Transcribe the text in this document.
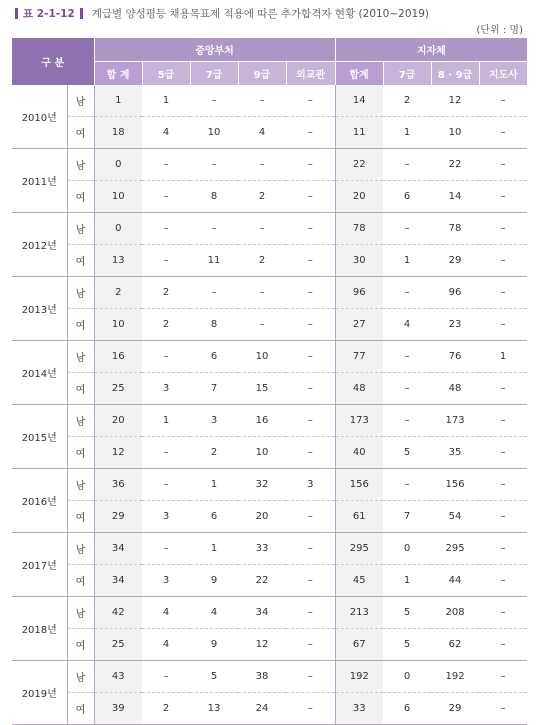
표 2-1-12 계급별 양성평등 채용목표제 적용에 따른 추가합격자 현황 (2010~2019)
(단위 : 명)
구 분		중앙부처					지자체			
		합 계	5급	7급	9급	외교관	합계	7급	8 · 9급	지도사
2010년	남	1	1	–	–	–	14	2	12	–
	여	18	4	10	4	–	11	1	10	–
2011년	남	0	–	–	–	–	22	–	22	–
	여	10	–	8	2	–	20	6	14	–
2012년	남	0	–	–	–	–	78	–	78	–
	여	13	–	11	2	–	30	1	29	–
2013년	남	2	2	–	–	–	96	–	96	–
	여	10	2	8	–	–	27	4	23	–
2014년	남	16	–	6	10	–	77	–	76	1
	여	25	3	7	15	–	48	–	48	–
2015년	남	20	1	3	16	–	173	–	173	–
	여	12	–	2	10	–	40	5	35	–
2016년	남	36	–	1	32	3	156	–	156	–
	여	29	3	6	20	–	61	7	54	–
2017년	남	34	–	1	33	–	295	0	295	–
	여	34	3	9	22	–	45	1	44	–
2018년	남	42	4	4	34	–	213	5	208	–
	여	25	4	9	12	–	67	5	62	–
2019년	남	43	–	5	38	–	192	0	192	–
	여	39	2	13	24	–	33	6	29	–
